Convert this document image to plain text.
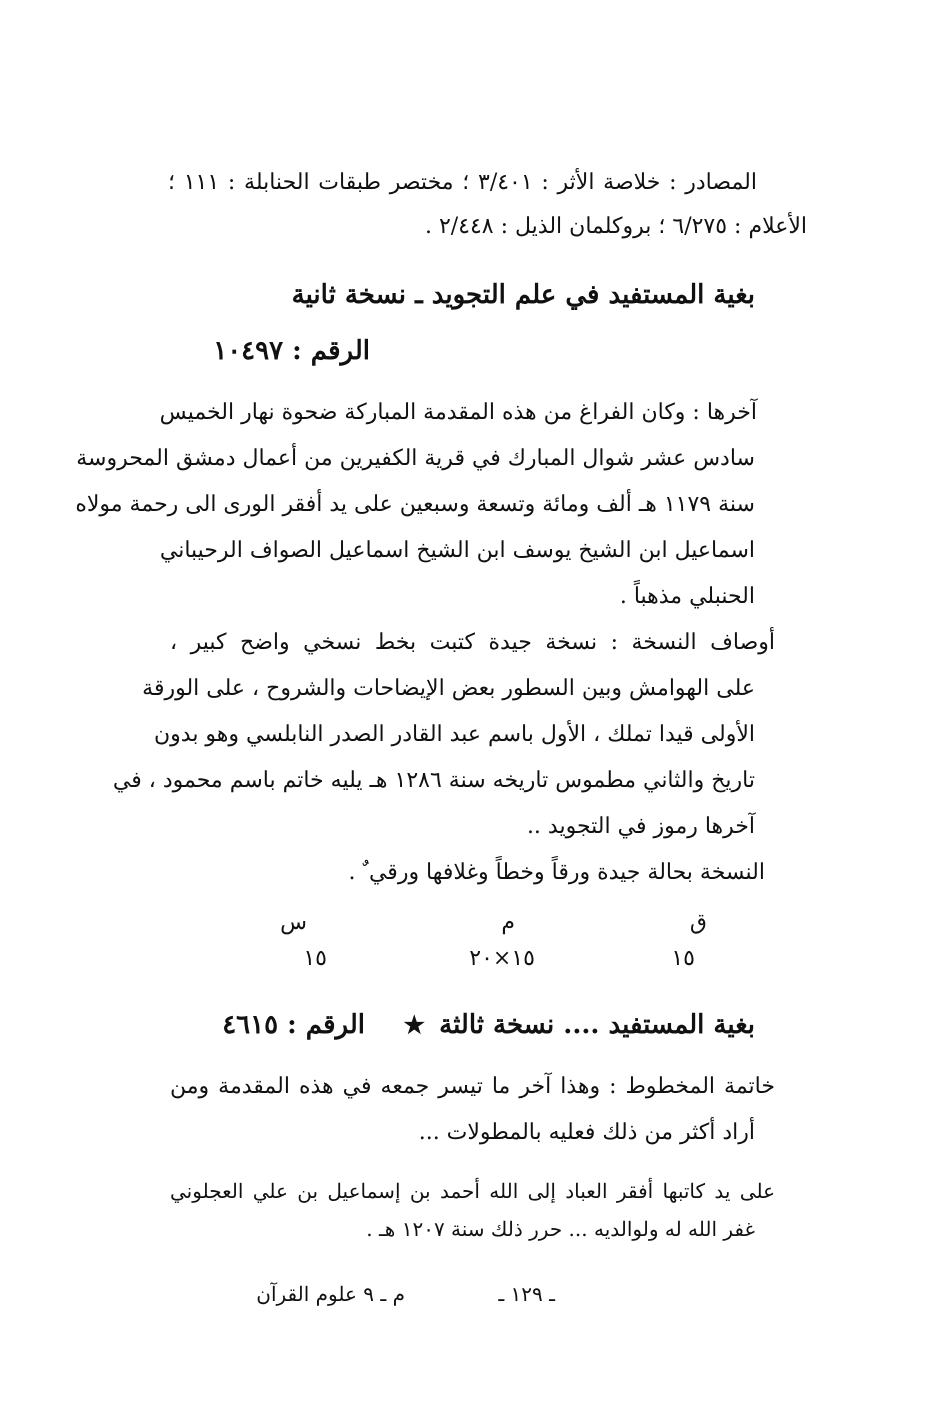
المصادر : خلاصة الأثر : ٣/٤٠١ ؛ مختصر طبقات الحنابلة : ١١١ ؛
الأعلام : ٦/٢٧٥ ؛ بروكلمان الذيل : ٢/٤٤٨ .
بغية المستفيد في علم التجويد ـ نسخة ثانية
الرقم : ١٠٤٩٧
آخرها : وكان الفراغ من هذه المقدمة المباركة ضحوة نهار الخميس
سادس عشر شوال المبارك في قرية الكفيرين من أعمال دمشق المحروسة
سنة ١١٧٩ هـ ألف ومائة وتسعة وسبعين على يد أفقر الورى الى رحمة مولاه
اسماعيل ابن الشيخ يوسف ابن الشيخ اسماعيل الصواف الرحيباني
الحنبلي مذهباً .
أوصاف النسخة : نسخة جيدة كتبت بخط نسخي واضح كبير ،
على الهوامش وبين السطور بعض الإيضاحات والشروح ، على الورقة
الأولى قيدا تملك ، الأول باسم عبد القادر الصدر النابلسي وهو بدون
تاريخ والثاني مطموس تاريخه سنة ١٢٨٦ هـ يليه خاتم باسم محمود ، في
آخرها رموز في التجويد ..
النسخة بحالة جيدة ورقاً وخطاً وغلافها ورقي ٌ .
ق
م
س
١٥
١٥×٢٠
١٥
بغية المستفيد .... نسخة ثالثة
★
الرقم : ٤٦١٥
خاتمة المخطوط : وهذا آخر ما تيسر جمعه في هذه المقدمة ومن
أراد أكثر من ذلك فعليه بالمطولات ...
على يد كاتبها أفقر العباد إلى الله أحمد بن إسماعيل بن علي العجلوني
غفر الله له ولوالديه ... حرر ذلك سنة ١٢٠٧ هـ .
ـ ١٢٩ ـ
م ـ ٩ علوم القرآن
